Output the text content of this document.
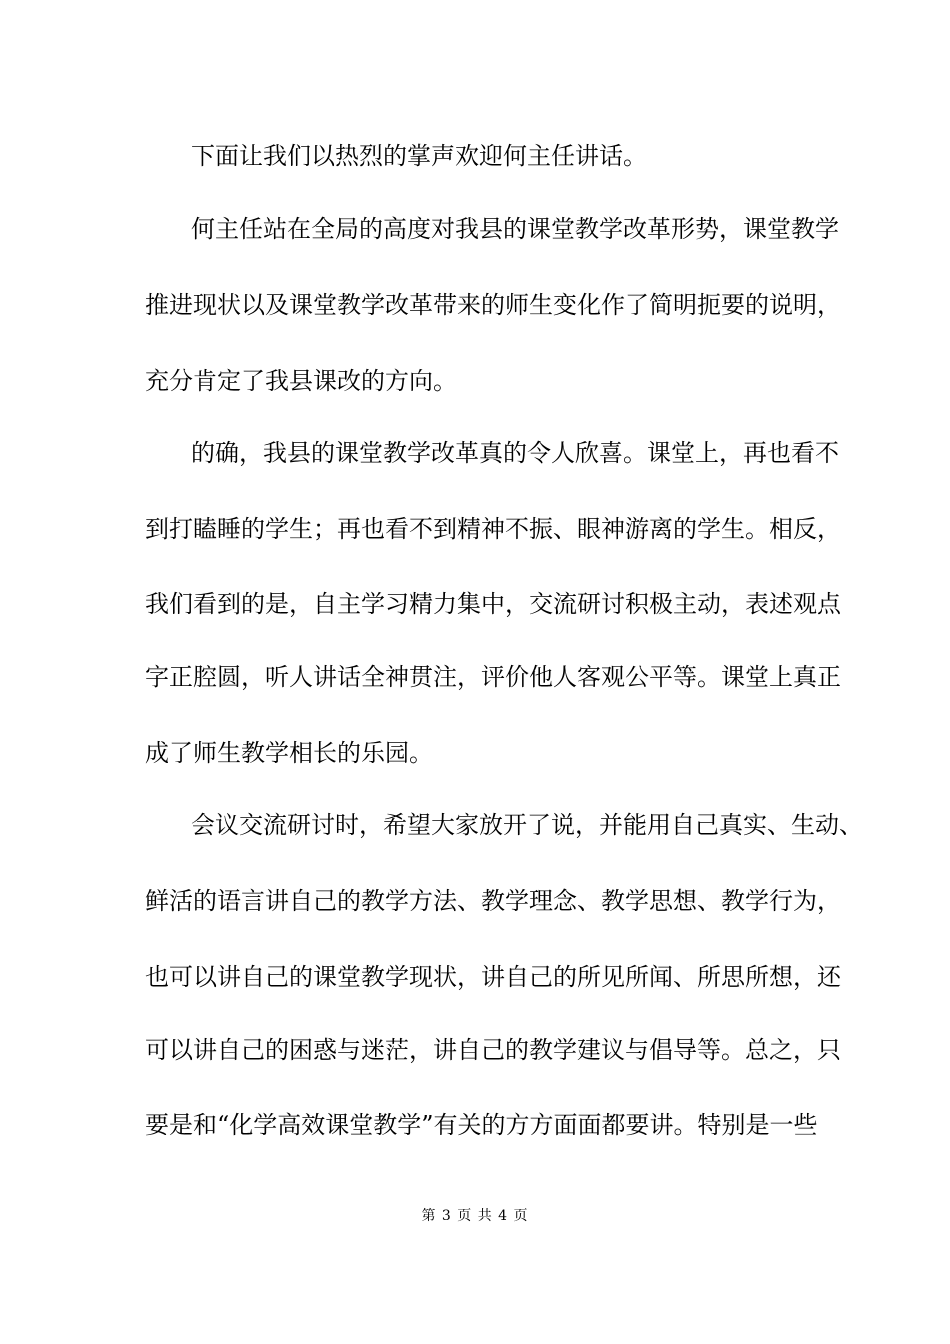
下面让我们以热烈的掌声欢迎何主任讲话。
何主任站在全局的高度对我县的课堂教学改革形势，课堂教学
推进现状以及课堂教学改革带来的师生变化作了简明扼要的说明，
充分肯定了我县课改的方向。
的确，我县的课堂教学改革真的令人欣喜。课堂上，再也看不
到打瞌睡的学生；再也看不到精神不振、眼神游离的学生。相反，
我们看到的是，自主学习精力集中，交流研讨积极主动，表述观点
字正腔圆，听人讲话全神贯注，评价他人客观公平等。课堂上真正
成了师生教学相长的乐园。
会议交流研讨时，希望大家放开了说，并能用自己真实、生动、
鲜活的语言讲自己的教学方法、教学理念、教学思想、教学行为，
也可以讲自己的课堂教学现状，讲自己的所见所闻、所思所想，还
可以讲自己的困惑与迷茫，讲自己的教学建议与倡导等。总之，只
要是和“化学高效课堂教学”有关的方方面面都要讲。特别是一些
第 3 页 共 4 页
